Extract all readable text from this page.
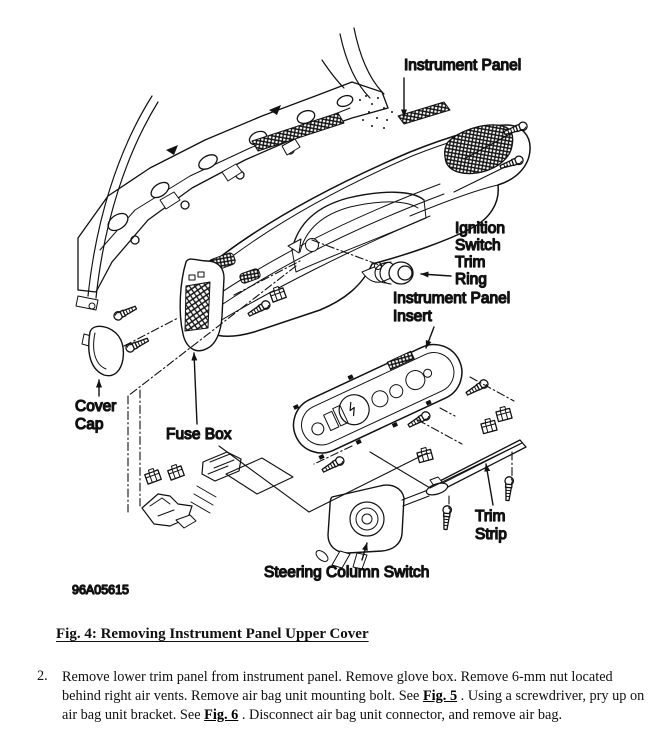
Instrument Panel
Ignition
Switch
Trim
Ring
Instrument Panel
Insert
Cover
Cap
Fuse Box
Trim
Strip
Steering Column Switch
96A05615
Fig. 4: Removing Instrument Panel Upper Cover
2. Remove lower trim panel from instrument panel. Remove glove box. Remove 6-mm nut located behind right air vents. Remove air bag unit mounting bolt. See Fig. 5 . Using a screwdriver, pry up on air bag unit bracket. See Fig. 6 . Disconnect air bag unit connector, and remove air bag.
